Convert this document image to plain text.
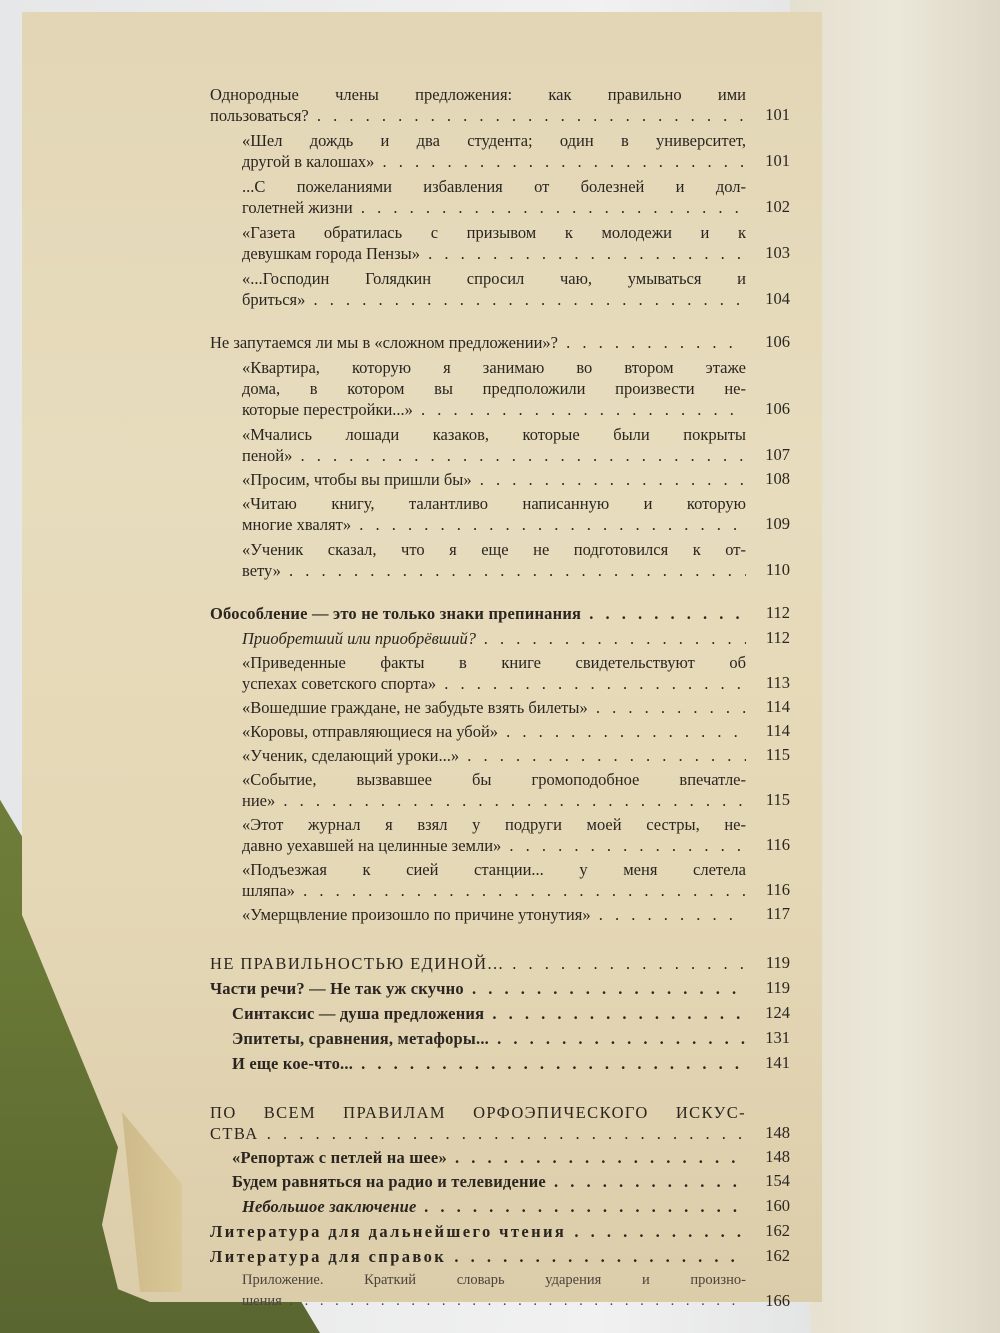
Однородные члены предложения: как правильно ими
пользоваться? . . .	101
«Шел дождь и два студента; один в университет,
другой в калошах» . . .	101
...С пожеланиями избавления от болезней и дол-
голетней жизни . . .	102
«Газета обратилась с призывом к молодежи и к
девушкам города Пензы» . . .	103
«...Господин Голядкин спросил чаю, умываться и
бриться» . . .	104
Не запутаемся ли мы в «сложном предложении»? . . .	106
«Квартира, которую я занимаю во втором этаже
дома, в котором вы предположили произвести не-
которые перестройки...» . . .	106
«Мчались лошади казаков, которые были покрыты
пеной» . . .	107
«Просим, чтобы вы пришли бы» . . .	108
«Читаю книгу, талантливо написанную и которую
многие хвалят» . . .	109
«Ученик сказал, что я еще не подготовился к от-
вету» . . .	110
Обособление — это не только знаки препинания . . .	112
Приобретший или приобрёвший? . . .	112
«Приведенные факты в книге свидетельствуют об
успехах советского спорта» . . .	113
«Вошедшие граждане, не забудьте взять билеты» . . .	114
«Коровы, отправляющиеся на убой» . . .	114
«Ученик, сделающий уроки...» . . .	115
«Событие, вызвавшее бы громоподобное впечатле-
ние» . . .	115
«Этот журнал я взял у подруги моей сестры, не-
давно уехавшей на целинные земли» . . .	116
«Подъезжая к сией станции... у меня слетела
шляпа» . . .	116
«Умерщвление произошло по причине утонутия» . . .	117
НЕ ПРАВИЛЬНОСТЬЮ ЕДИНОЙ... . . .	119
Части речи? — Не так уж скучно . . .	119
Синтаксис — душа предложения . . .	124
Эпитеты, сравнения, метафоры... . . .	131
И еще кое-что... . . .	141
ПО ВСЕМ ПРАВИЛАМ ОРФОЭПИЧЕСКОГО ИСКУС-
СТВА . . .	148
«Репортаж с петлей на шее» . . .	148
Будем равняться на радио и телевидение . . .	154
Небольшое заключение . . .	160
Литература для дальнейшего чтения . . .	162
Литература для справок . . .	162
Приложение. Краткий словарь ударения и произно-
шения . . .	166
